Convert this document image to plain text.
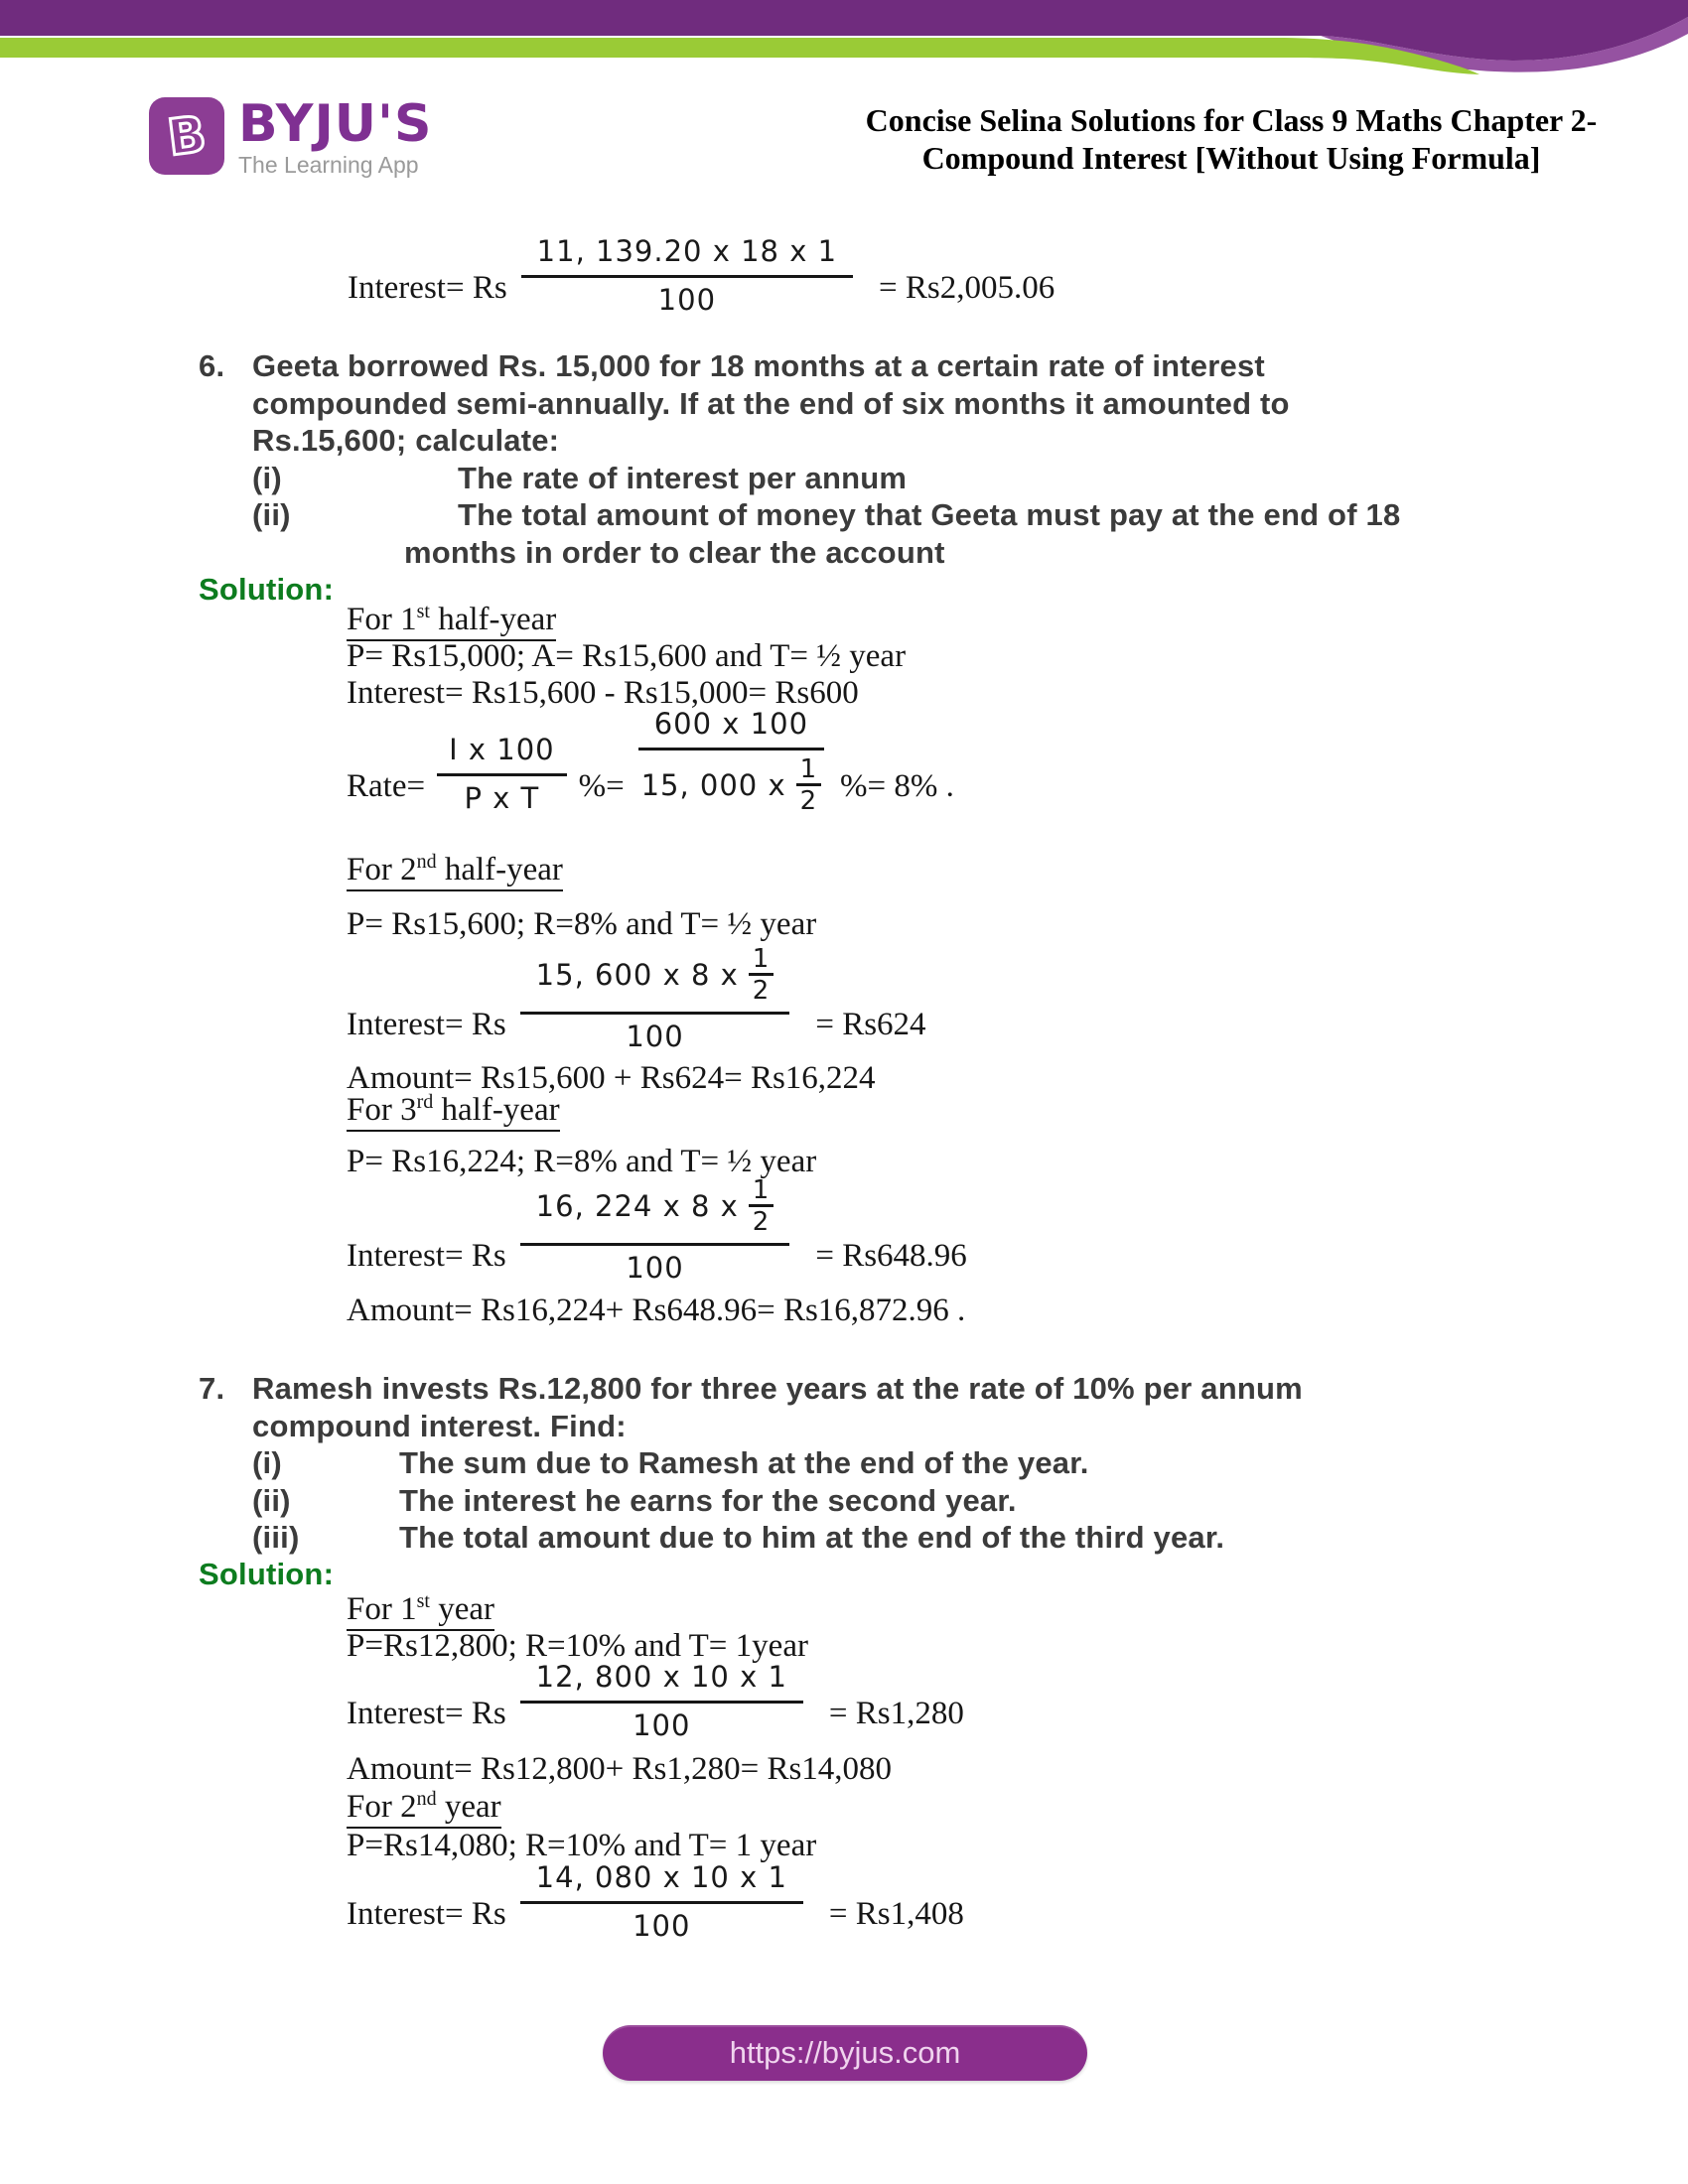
B BYJU'S
The Learning App
Concise Selina Solutions for Class 9 Maths Chapter 2-
Compound Interest [Without Using Formula]
Interest= Rs $\frac{11, 139.20 x 18 x 1}{100} = Rs2,005.06$
6. Geeta borrowed Rs. 15,000 for 18 months at a certain rate of interest
compounded semi-annually. If at the end of six months it amounted to
Rs.15,600; calculate:
(i)	The rate of interest per annum
(ii)	The total amount of money that Geeta must pay at the end of 18
months in order to clear the account
Solution:
For 1st half-year
P= Rs15,000; A= Rs15,600 and T= ½ year
Interest= Rs15,600 - Rs15,000= Rs600
Rate= $\frac{\text{I x 100}}{\text{P x T}}$ %= $\frac{600 x 100}{15, 000 x \frac{1}{2}}$ %= 8% .
For 2nd half-year
P= Rs15,600; R=8% and T= ½ year
Interest= Rs $\frac{15, 600 x 8 x \frac{1}{2}}{100} = Rs624$
Amount= Rs15,600 + Rs624= Rs16,224
For 3rd half-year
P= Rs16,224; R=8% and T= ½ year
Interest= Rs $\frac{16, 224 x 8 x \frac{1}{2}}{100} = Rs648.96$
Amount= Rs16,224+ Rs648.96= Rs16,872.96 .
7. Ramesh invests Rs.12,800 for three years at the rate of 10% per annum
compound interest. Find:
(i)	The sum due to Ramesh at the end of the year.
(ii)	The interest he earns for the second year.
(iii)	The total amount due to him at the end of the third year.
Solution:
For 1st year
P=Rs12,800; R=10% and T= 1year
Interest= Rs $\frac{12, 800 x 10 x 1}{100} = Rs1,280$
Amount= Rs12,800+ Rs1,280= Rs14,080
For 2nd year
P=Rs14,080; R=10% and T= 1 year
Interest= Rs $\frac{14, 080 x 10 x 1}{100} = Rs1,408$
https://byjus.com
